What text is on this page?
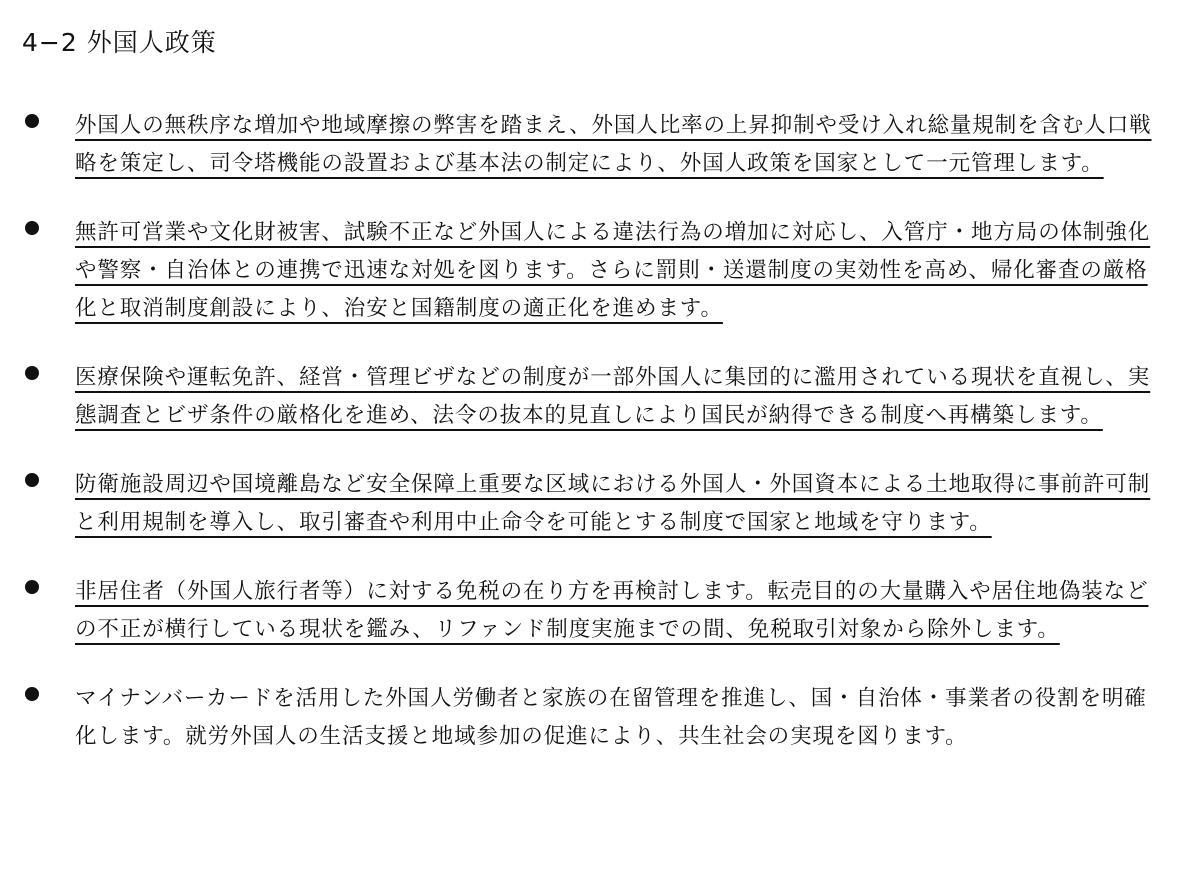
4−2 外国人政策
外国人の無秩序な増加や地域摩擦の弊害を踏まえ、外国人比率の上昇抑制や受け入れ総量規制を含む人口戦略を策定し、司令塔機能の設置および基本法の制定により、外国人政策を国家として一元管理します。
無許可営業や文化財被害、試験不正など外国人による違法行為の増加に対応し、入管庁・地方局の体制強化や警察・自治体との連携で迅速な対処を図ります。さらに罰則・送還制度の実効性を高め、帰化審査の厳格化と取消制度創設により、治安と国籍制度の適正化を進めます。
医療保険や運転免許、経営・管理ビザなどの制度が一部外国人に集団的に濫用されている現状を直視し、実態調査とビザ条件の厳格化を進め、法令の抜本的見直しにより国民が納得できる制度へ再構築します。
防衛施設周辺や国境離島など安全保障上重要な区域における外国人・外国資本による土地取得に事前許可制と利用規制を導入し、取引審査や利用中止命令を可能とする制度で国家と地域を守ります。
非居住者（外国人旅行者等）に対する免税の在り方を再検討します。転売目的の大量購入や居住地偽装などの不正が横行している現状を鑑み、リファンド制度実施までの間、免税取引対象から除外します。
マイナンバーカードを活用した外国人労働者と家族の在留管理を推進し、国・自治体・事業者の役割を明確化します。就労外国人の生活支援と地域参加の促進により、共生社会の実現を図ります。
